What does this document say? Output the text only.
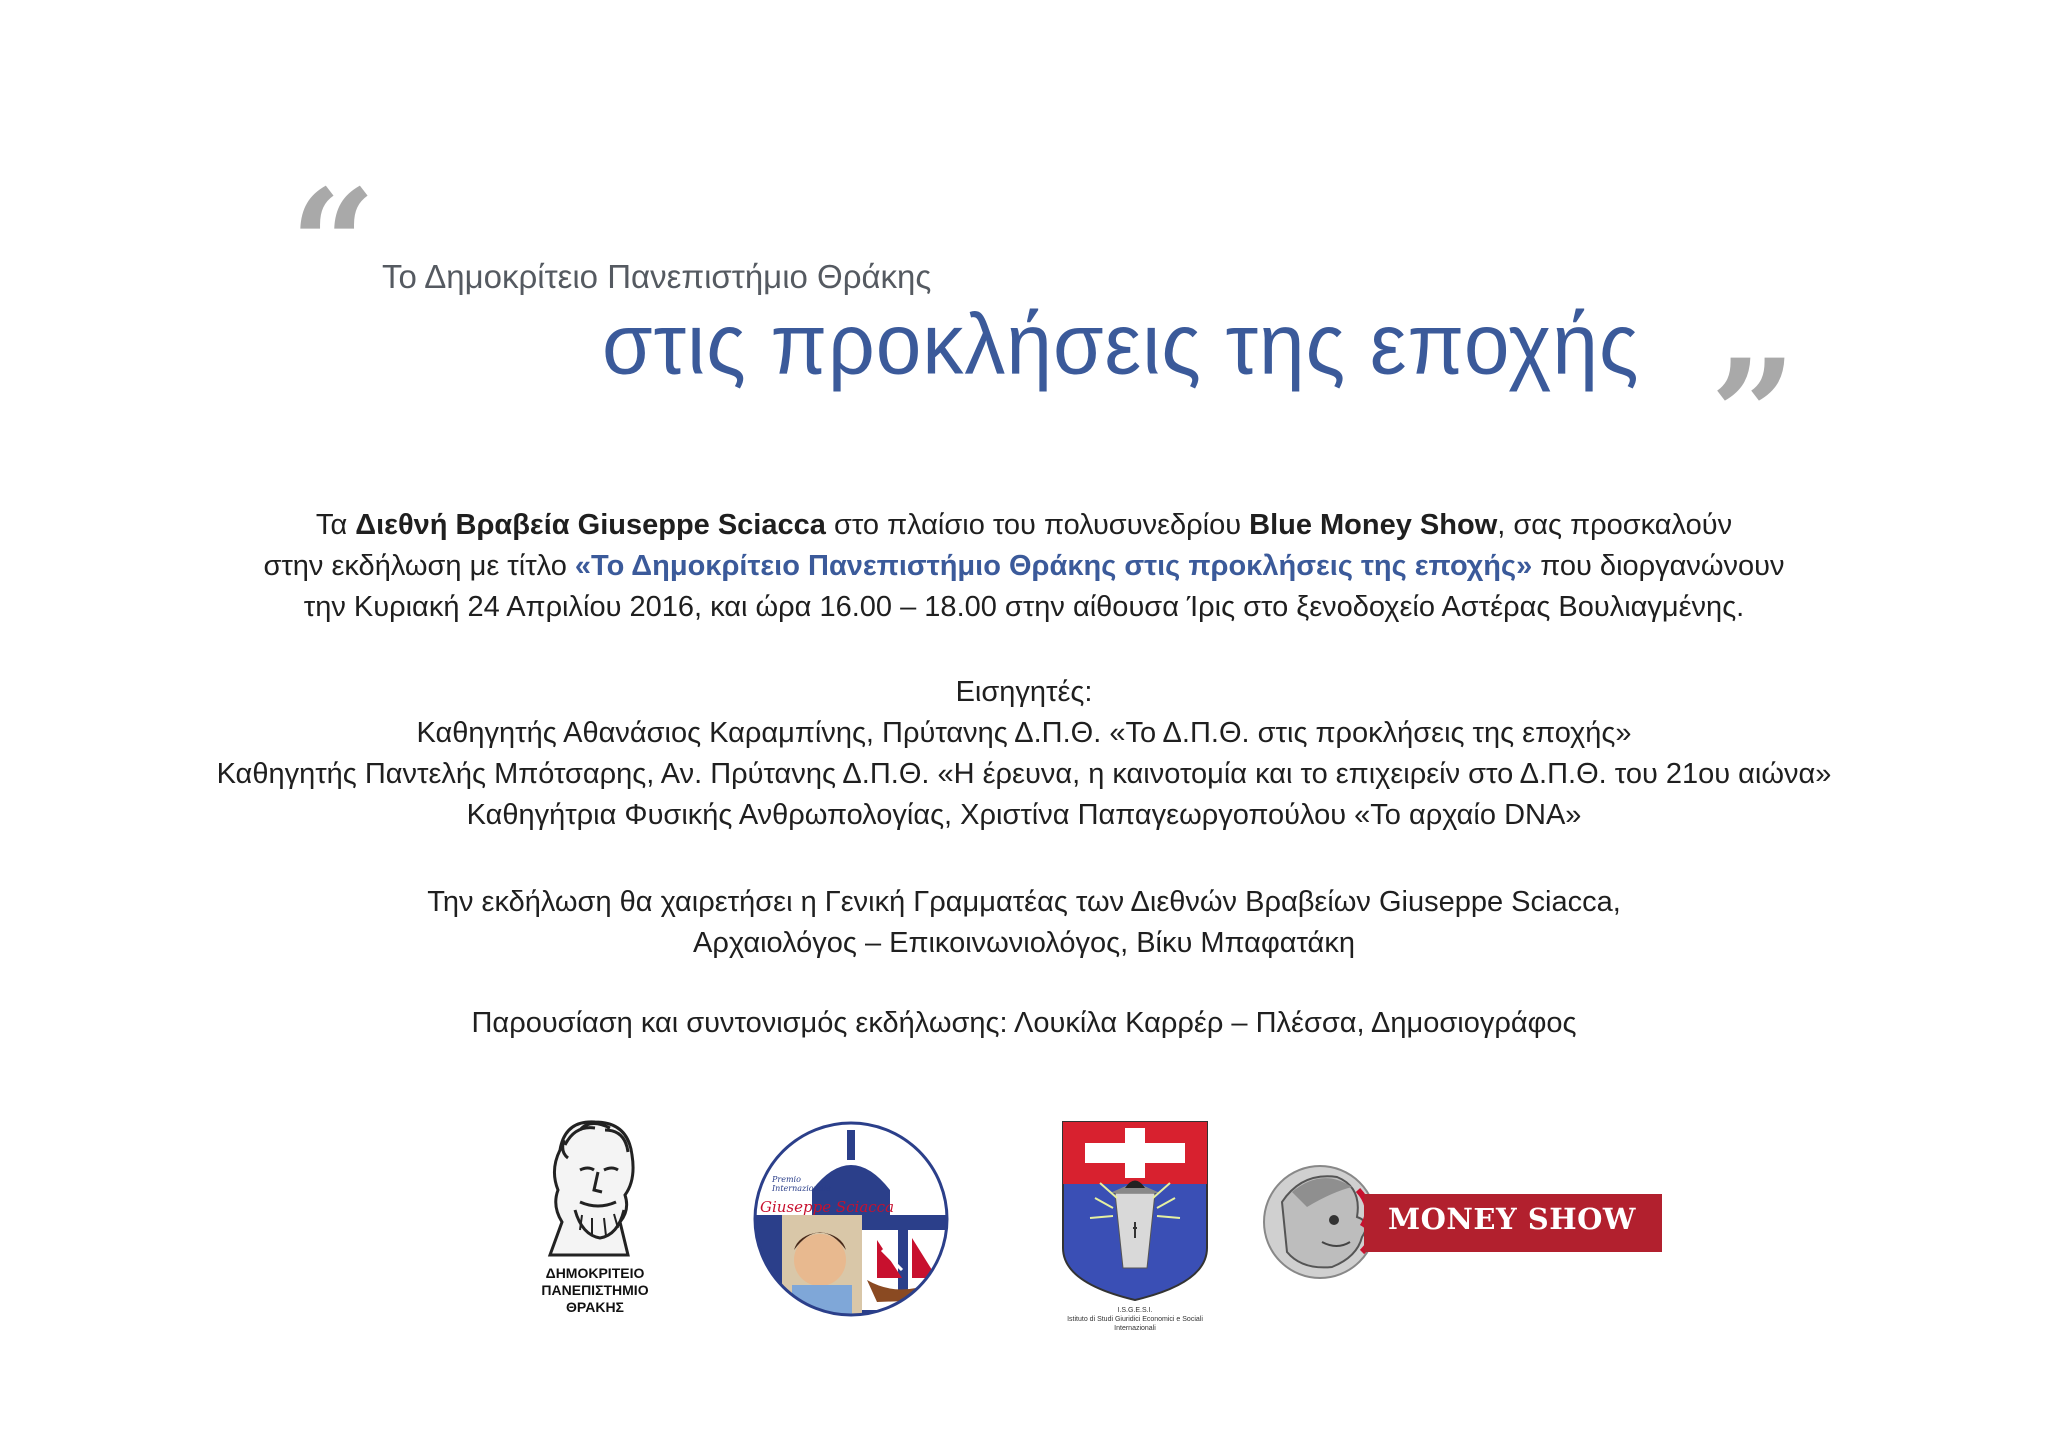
“
”
Το Δημοκρίτειο Πανεπιστήμιο Θράκης
στις προκλήσεις της εποχής

Τα Διεθνή Βραβεία Giuseppe Sciacca στο πλαίσιο του πολυσυνεδρίου Blue Money Show, σας προσκαλούν

στην εκδήλωση με τίτλο «Το Δημοκρίτειο Πανεπιστήμιο Θράκης στις προκλήσεις της εποχής» που διοργανώνουν

την Κυριακή 24 Απριλίου 2016, και ώρα 16.00 – 18.00 στην αίθουσα Ίρις στο ξενοδοχείο Αστέρας Βουλιαγμένης.

Εισηγητές:

Καθηγητής Αθανάσιος Καραμπίνης, Πρύτανης Δ.Π.Θ. «Το Δ.Π.Θ. στις προκλήσεις της εποχής»

Καθηγητής Παντελής Μπότσαρης, Αν. Πρύτανης Δ.Π.Θ. «Η έρευνα, η καινοτομία και το επιχειρείν στο Δ.Π.Θ. του 21ου αιώνα»

Καθηγήτρια Φυσικής Ανθρωπολογίας, Χριστίνα Παπαγεωργοπούλου «Το αρχαίο DNA»

Την εκδήλωση θα χαιρετήσει η Γενική Γραμματέας των Διεθνών Βραβείων Giuseppe Sciacca,

Αρχαιολόγος – Επικοινωνιολόγος, Βίκυ Μπαφατάκη

Παρουσίαση και συντονισμός εκδήλωσης: Λουκίλα Καρρέρ – Πλέσσα, Δημοσιογράφος

ΔΗΜΟΚΡΙΤΕΙΟ
ΠΑΝΕΠΙΣΤΗΜΙΟ
ΘΡΑΚΗΣ
Premio
Internazionale
Giuseppe Sciacca
I.S.G.E.S.I.
Istituto di Studi Giuridici Economici e Sociali Internazionali
MONEY SHOW
